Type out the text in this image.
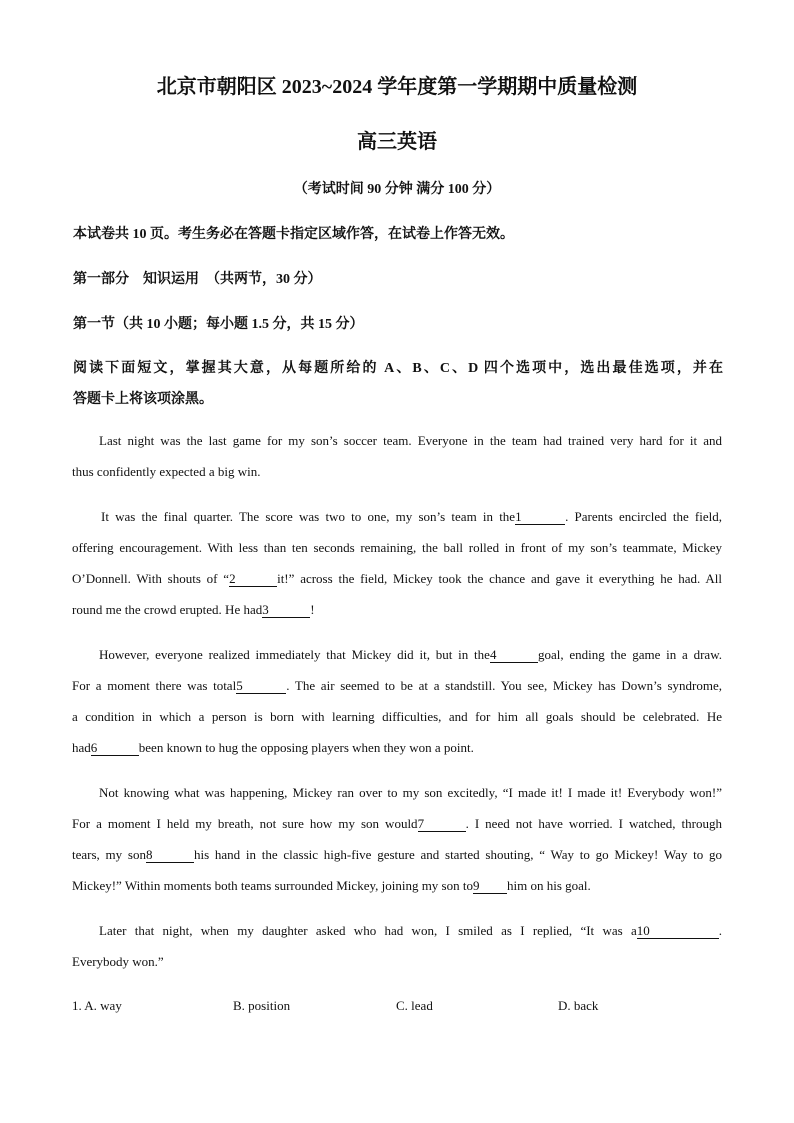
北京市朝阳区 2023~2024 学年度第一学期期中质量检测
高三英语
（考试时间 90 分钟 满分 100 分）
本试卷共 10 页。考生务必在答题卡指定区域作答，在试卷上作答无效。
第一部分　知识运用　（共两节，30 分）
第一节（共 10 小题；每小题 1.5 分，共 15 分）
阅读下面短文，掌握其大意，从每题所给的 A、B、C、D 四个选项中，选出最佳选项，并在
答题卡上将该项涂黑。
Last night was the last game for my son’s soccer team. Everyone in the team had trained very hard for it and
thus confidently expected a big win.
It was the final quarter. The score was two to one, my son’s team in the1	. Parents encircled the field,
offering encouragement. With less than ten seconds remaining, the ball rolled in front of my son’s teammate, Mickey
O’Donnell. With shouts of “2	it!” across the field, Mickey took the chance and gave it everything he had. All
round me the crowd erupted. He had3	!
However, everyone realized immediately that Mickey did it, but in the4	goal, ending the game in a draw.
For a moment there was total5	. The air seemed to be at a standstill. You see, Mickey has Down’s syndrome,
a condition in which a person is born with learning difficulties, and for him all goals should be celebrated. He
had6	been known to hug the opposing players when they won a point.
Not knowing what was happening, Mickey ran over to my son excitedly, “I made it! I made it! Everybody won!”
For a moment I held my breath, not sure how my son would7	. I need not have worried. I watched, through
tears, my son8	his hand in the classic high-five gesture and started shouting, “ Way to go Mickey! Way to go
Mickey!” Within moments both teams surrounded Mickey, joining my son to9 him on his goal.
Later that night, when my daughter asked who had won, I smiled as I replied, “It was a10	.
Everybody won.”
1. A. way	B. position	C. lead	D. back
